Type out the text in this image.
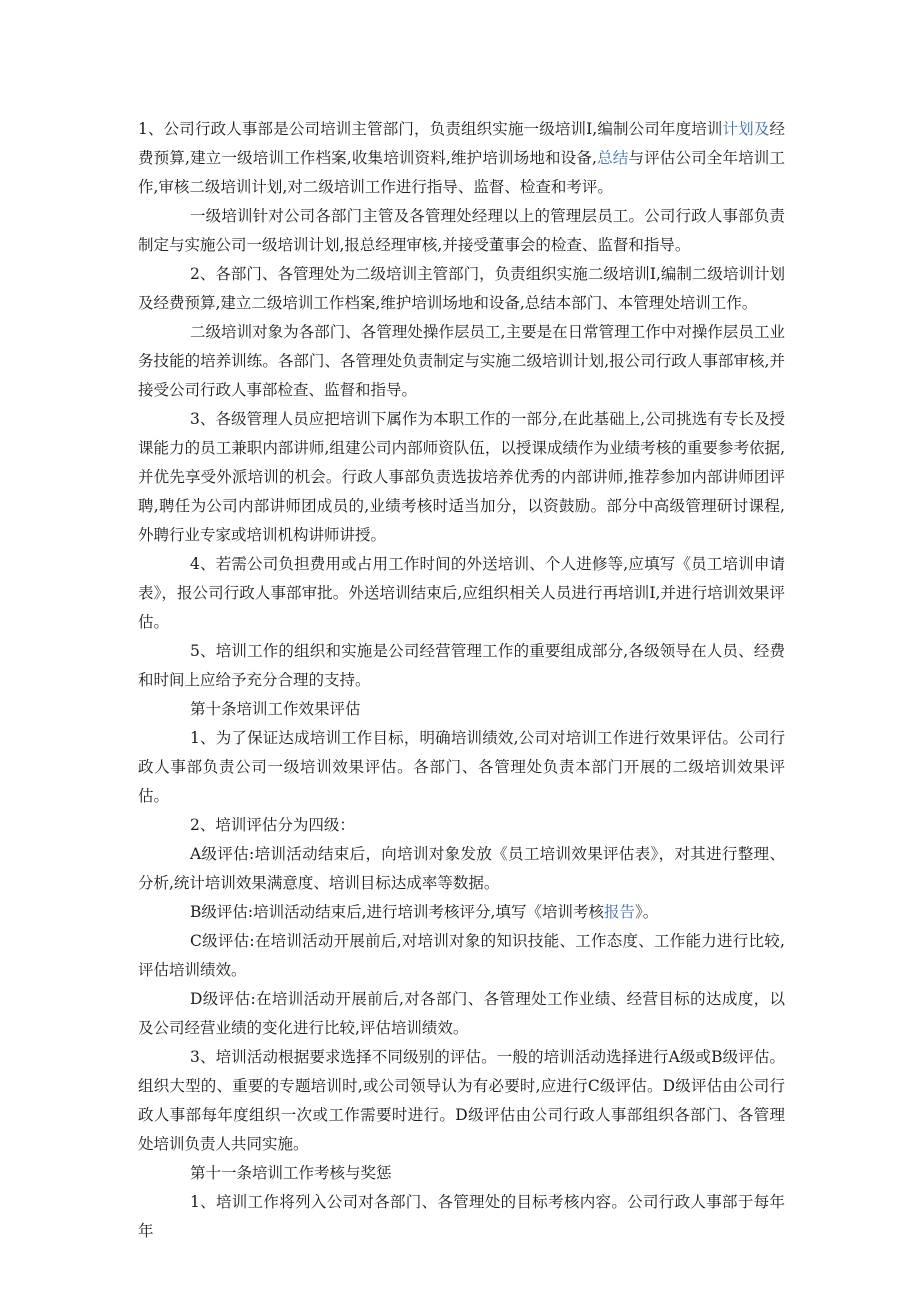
1、公司行政人事部是公司培训主管部门，负责组织实施一级培训I,编制公司年度培训计划及经费预算,建立一级培训工作档案,收集培训资料,维护培训场地和设备,总结与评估公司全年培训工作,审核二级培训计划,对二级培训工作进行指导、监督、检查和考评。

一级培训针对公司各部门主管及各管理处经理以上的管理层员工。公司行政人事部负责制定与实施公司一级培训计划,报总经理审核,并接受董事会的检查、监督和指导。

2、各部门、各管理处为二级培训主管部门，负责组织实施二级培训I,编制二级培训计划及经费预算,建立二级培训工作档案,维护培训场地和设备,总结本部门、本管理处培训工作。

二级培训对象为各部门、各管理处操作层员工,主要是在日常管理工作中对操作层员工业务技能的培养训练。各部门、各管理处负责制定与实施二级培训计划,报公司行政人事部审核,并接受公司行政人事部检查、监督和指导。

3、各级管理人员应把培训下属作为本职工作的一部分,在此基础上,公司挑选有专长及授课能力的员工兼职内部讲师,组建公司内部师资队伍，以授课成绩作为业绩考核的重要参考依据,并优先享受外派培训的机会。行政人事部负责选拔培养优秀的内部讲师,推荐参加内部讲师团评聘,聘任为公司内部讲师团成员的,业绩考核时适当加分，以资鼓励。部分中高级管理研讨课程,外聘行业专家或培训机构讲师讲授。

4、若需公司负担费用或占用工作时间的外送培训、个人进修等,应填写《员工培训申请表》，报公司行政人事部审批。外送培训结束后,应组织相关人员进行再培训I,并进行培训效果评估。

5、培训工作的组织和实施是公司经营管理工作的重要组成部分,各级领导在人员、经费和时间上应给予充分合理的支持。

第十条培训工作效果评估

1、为了保证达成培训工作目标，明确培训绩效,公司对培训工作进行效果评估。公司行政人事部负责公司一级培训效果评估。各部门、各管理处负责本部门开展的二级培训效果评估。

2、培训评估分为四级：

A级评估:培训活动结束后，向培训对象发放《员工培训效果评估表》，对其进行整理、分析,统计培训效果满意度、培训目标达成率等数据。

B级评估:培训活动结束后,进行培训考核评分,填写《培训考核报告》。

C级评估:在培训活动开展前后,对培训对象的知识技能、工作态度、工作能力进行比较,评估培训绩效。

D级评估:在培训活动开展前后,对各部门、各管理处工作业绩、经营目标的达成度，以及公司经营业绩的变化进行比较,评估培训绩效。

3、培训活动根据要求选择不同级别的评估。一般的培训活动选择进行A级或B级评估。组织大型的、重要的专题培训时,或公司领导认为有必要时,应进行C级评估。D级评估由公司行政人事部每年度组织一次或工作需要时进行。D级评估由公司行政人事部组织各部门、各管理处培训负责人共同实施。

第十一条培训工作考核与奖惩

1、培训工作将列入公司对各部门、各管理处的目标考核内容。公司行政人事部于每年年
